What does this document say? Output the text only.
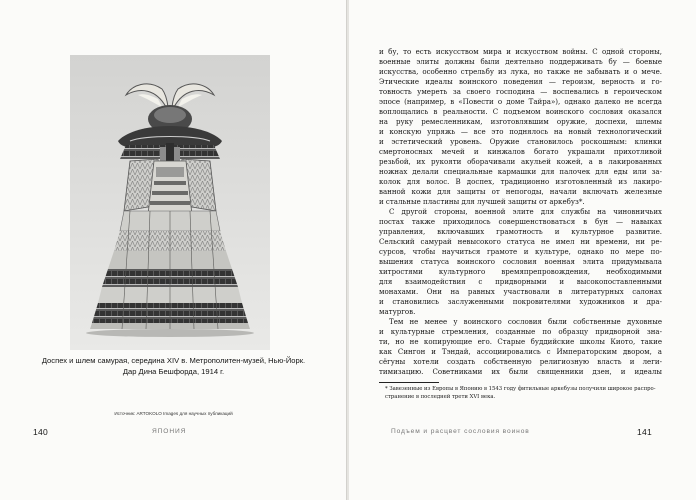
Доспех и шлем самурая, середина XIV в. Метрополитен-музей, Нью-Йорк.
Дар Дина Бешфорда, 1914 г.
Источник: ARTOKOLO Images для научных публикаций
140	ЯПОНИЯ
и бу, то есть искусством мира и искусством войны. С одной стороны,
военные элиты должны были деятельно поддерживать бу — боевые
искусства, особенно стрельбу из лука, но также не забывать и о мече.
Этические идеалы воинского поведения — героизм, верность и го-
товность умереть за своего господина — воспевались в героическом
эпосе (например, в «Повести о доме Тайра»), однако далеко не всегда
воплощались в реальности. С подъемом воинского сословия оказался
на руку ремесленникам, изготовлявшим оружие, доспехи, шлемы
и конскую упряжь — все это поднялось на новый технологический
и эстетический уровень. Оружие становилось роскошным: клинки
смертоносных мечей и кинжалов богато украшали прихотливой
резьбой, их рукояти оборачивали акульей кожей, а в лакированных
ножнах делали специальные кармашки для палочек для еды или за-
колок для волос. В доспех, традиционно изготовленный из лакиро-
ванной кожи для защиты от непогоды, начали включать железные
и стальные пластины для лучшей защиты от аркебуз*.
С другой стороны, военной элите для службы на чиновничьих
постах также приходилось совершенствоваться в бун — навыках
управления, включавших грамотность и культурное развитие.
Сельский самурай невысокого статуса не имел ни времени, ни ре-
сурсов, чтобы научиться грамоте и культуре, однако по мере по-
вышения статуса воинского сословия военная элита придумывала
хитростями культурного времяпрепровождения, необходимыми
для взаимодействия с придворными и высокопоставленными
монахами. Они на равных участвовали в литературных салонах
и становились заслуженными покровителями художников и дра-
матургов.
Тем не менее у воинского сословия были собственные духовные
и культурные стремления, созданные по образцу придворной зна-
ти, но не копирующие его. Старые буддийские школы Киото, такие
как Сингон и Тэндай, ассоциировались с Императорским двором, а
сёгуны хотели создать собственную религиозную власть и леги-
тимизацию. Советниками их были священники дзен, и идеалы
* Завезенные из Европы в Японию в 1543 году фитильные аркебузы получили широкое распро-
странение в последней трети XVI века.
Подъем и расцвет сословия воинов	141
